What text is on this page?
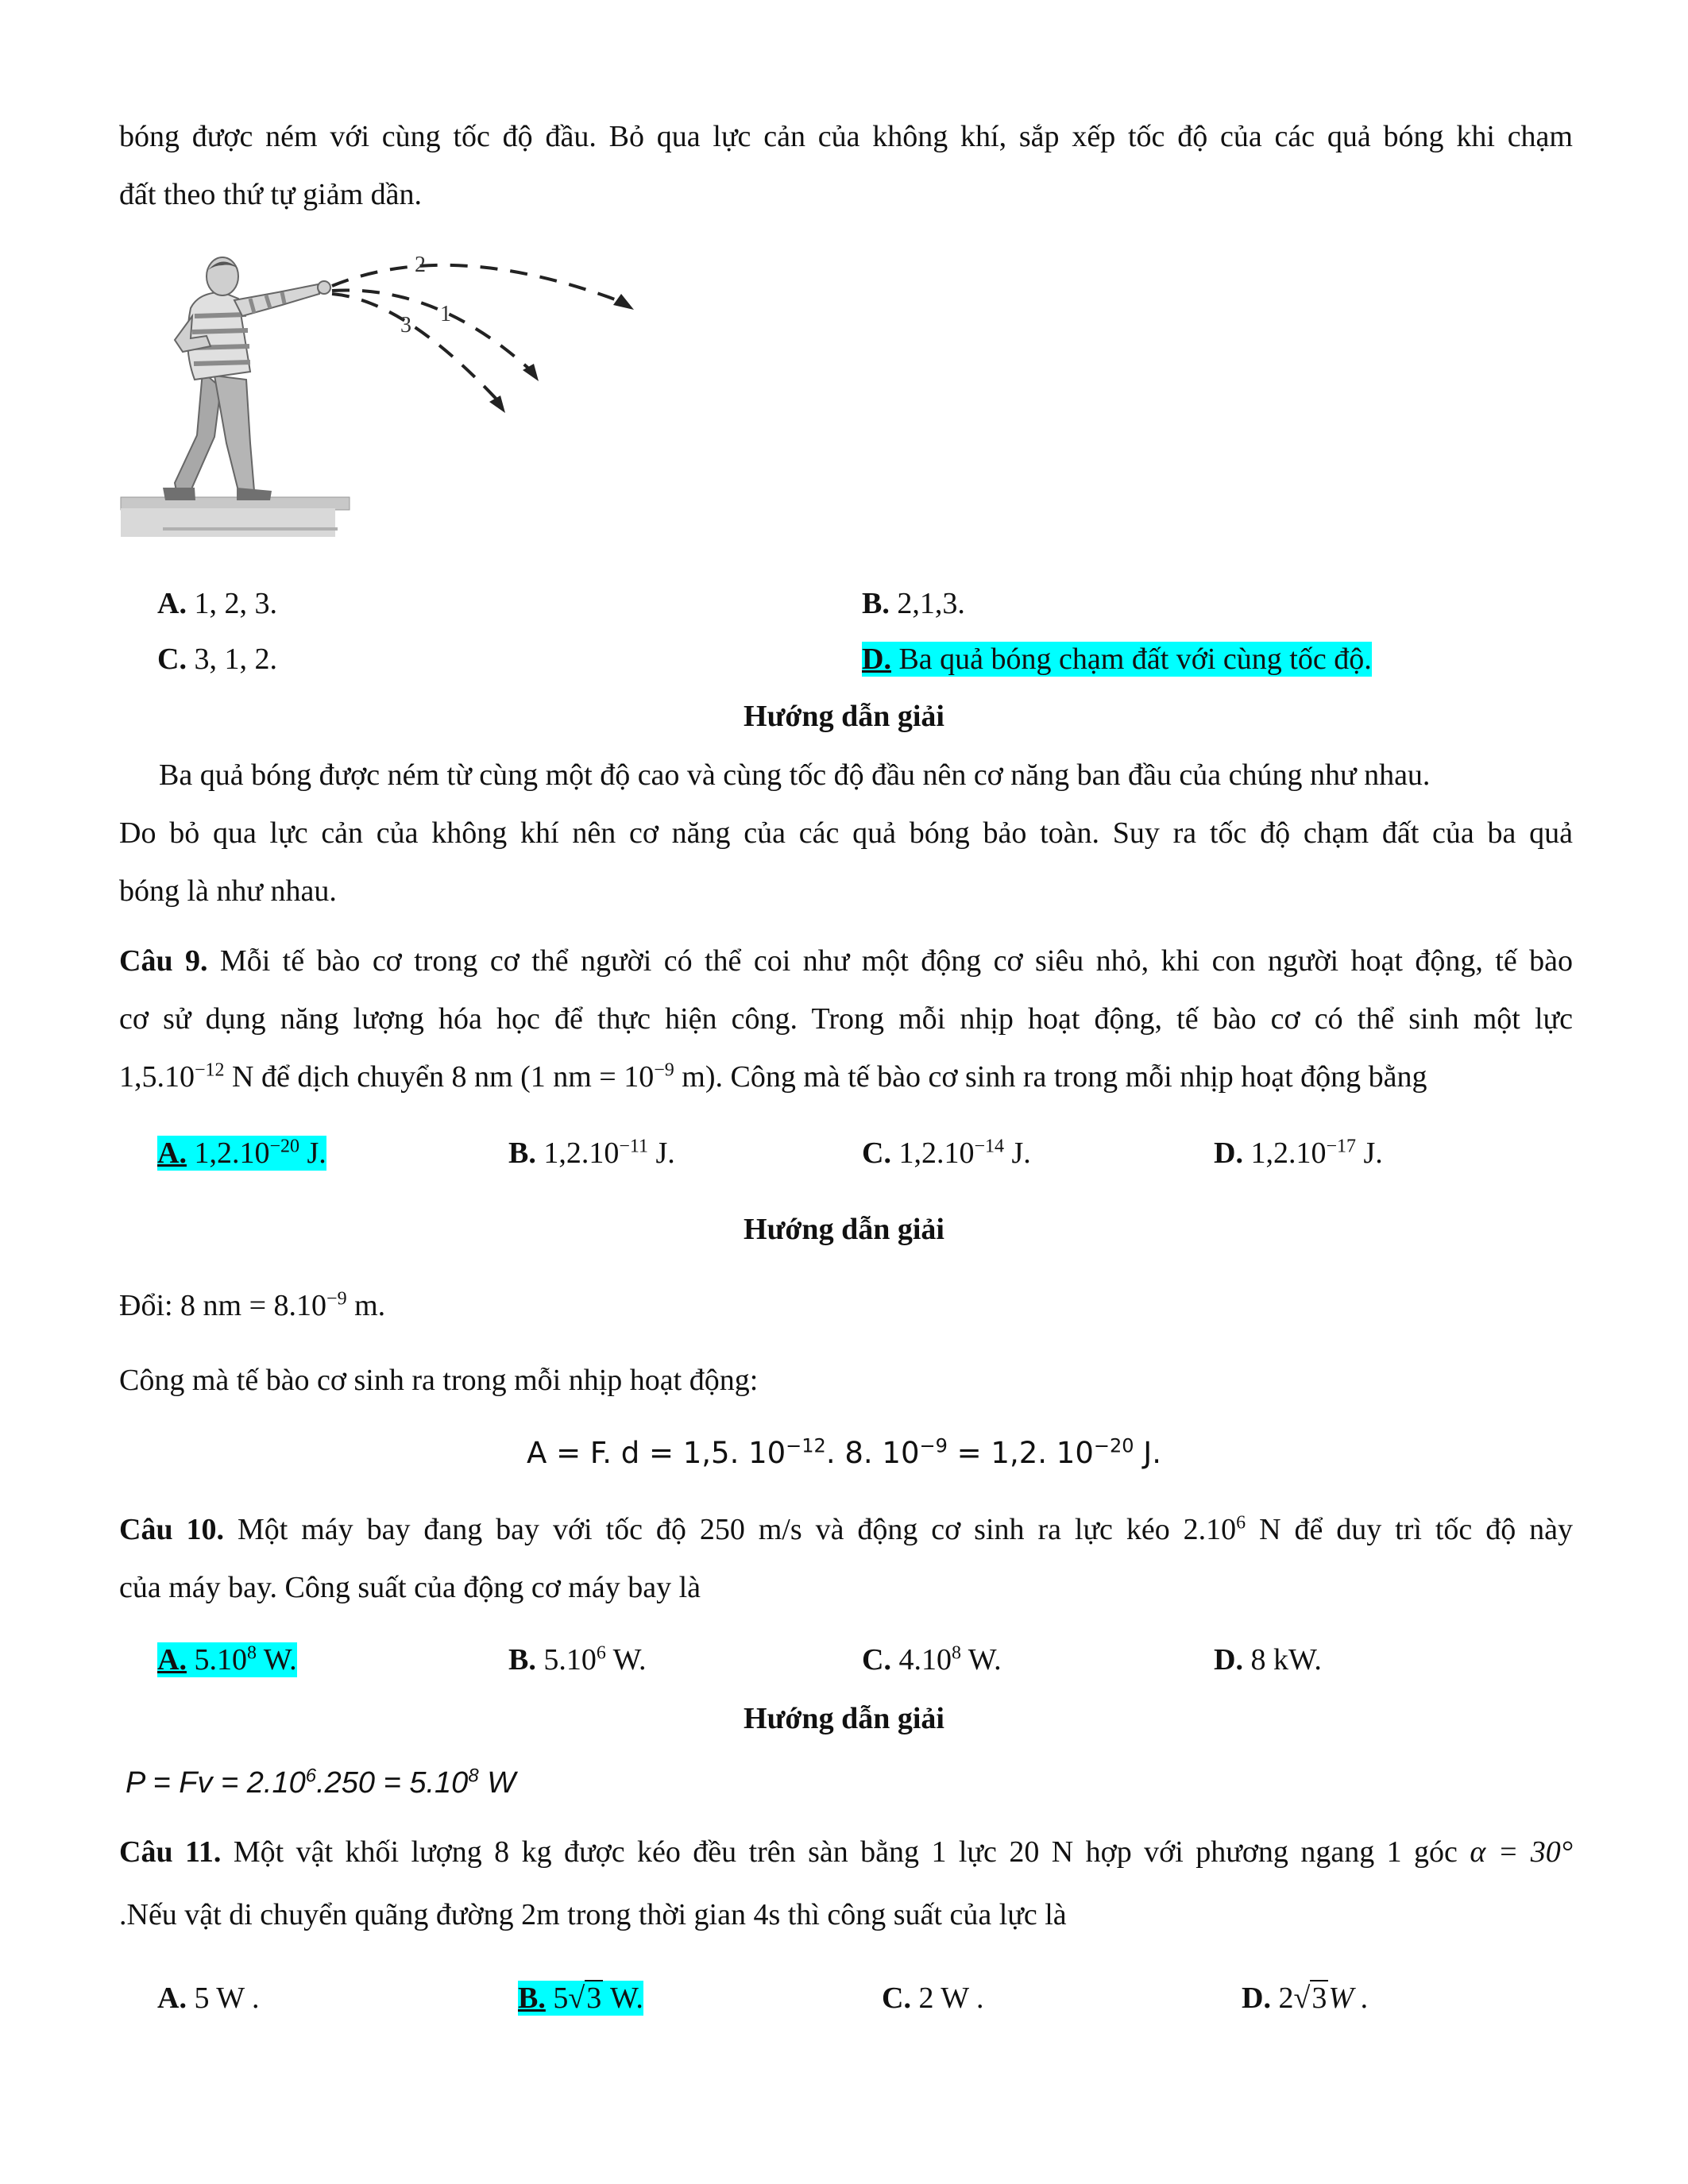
bóng được ném với cùng tốc độ đầu. Bỏ qua lực cản của không khí, sắp xếp tốc độ của các quả bóng khi chạm
đất theo thứ tự giảm dần.
2
1
3
A. 1, 2, 3.	B. 2,1,3.
C. 3, 1, 2.	D. Ba quả bóng chạm đất với cùng tốc độ.
Hướng dẫn giải
Ba quả bóng được ném từ cùng một độ cao và cùng tốc độ đầu nên cơ năng ban đầu của chúng như nhau.
Do bỏ qua lực cản của không khí nên cơ năng của các quả bóng bảo toàn. Suy ra tốc độ chạm đất của ba quả
bóng là như nhau.
Câu 9. Mỗi tế bào cơ trong cơ thể người có thể coi như một động cơ siêu nhỏ, khi con người hoạt động, tế bào
cơ sử dụng năng lượng hóa học để thực hiện công. Trong mỗi nhịp hoạt động, tế bào cơ có thể sinh một lực
$1,5.10^{-12}$ N để dịch chuyển 8 nm (1 nm = $10^{-9}$ m). Công mà tế bào cơ sinh ra trong mỗi nhịp hoạt động bằng
A. $1,2.10^{-20}$ J.	B. $1,2.10^{-11}$ J.	C. $1,2.10^{-14}$ J.	D. $1,2.10^{-17}$ J.
Hướng dẫn giải
Đổi: 8 nm = $8.10^{-9}$ m.
Công mà tế bào cơ sinh ra trong mỗi nhịp hoạt động:
A = F. d = 1,5. $10^{-12}$. 8. $10^{-9} = 1,2$. $10^{-20}$ J.
Câu 10. Một máy bay đang bay với tốc độ 250 m/s và động cơ sinh ra lực kéo 2.10$^6$ N để duy trì tốc độ này
của máy bay. Công suất của động cơ máy bay là
A. 5.10$^8$ W.	B. 5.10$^6$ W.	C. 4.10$^8$ W.	D. 8 kW.
Hướng dẫn giải
$P = Fv = 2.10^6.250 = 5.10^8$ W
Câu 11. Một vật khối lượng 8 kg được kéo đều trên sàn bằng 1 lực 20 N hợp với phương ngang 1 góc α = 30°
.Nếu vật di chuyển quãng đường 2m trong thời gian 4s thì công suất của lực là
A. 5 W .	B. 5√3 W.	C. 2 W .	D. 2√3W .
